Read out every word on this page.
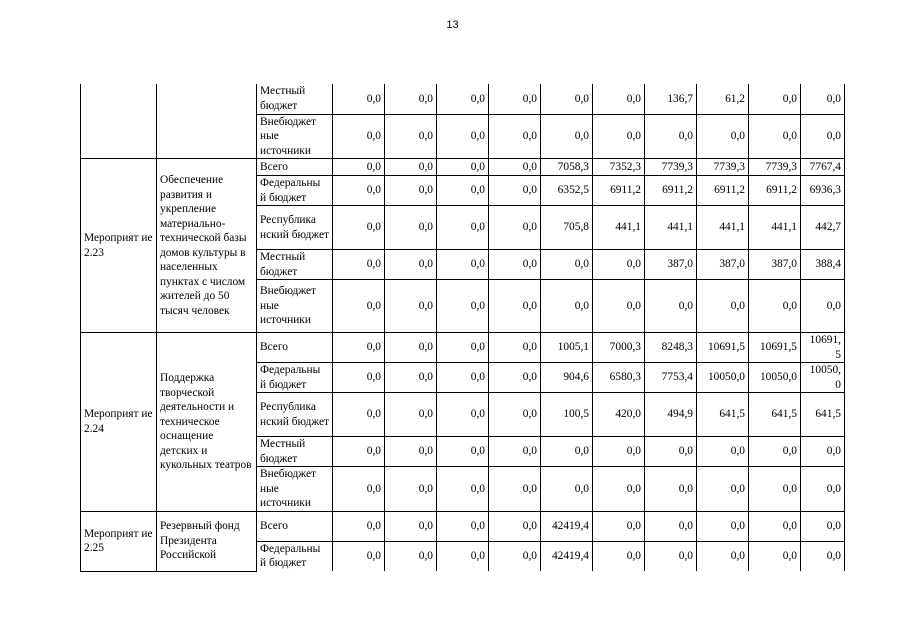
13
		Местный бюджет	0,0	0,0	0,0	0,0	0,0	0,0	136,7	61,2	0,0	0,0
		Внебюджет ные источники	0,0	0,0	0,0	0,0	0,0	0,0	0,0	0,0	0,0	0,0
Мероприят ие 2.23	Обеспечение развития и укрепление материально-технической базы домов культуры в населенных пунктах с числом жителей до 50 тысяч человек	Всего	0,0	0,0	0,0	0,0	7058,3	7352,3	7739,3	7739,3	7739,3	7767,4
		Федеральны й бюджет	0,0	0,0	0,0	0,0	6352,5	6911,2	6911,2	6911,2	6911,2	6936,3
		Республика нский бюджет	0,0	0,0	0,0	0,0	705,8	441,1	441,1	441,1	441,1	442,7
		Местный бюджет	0,0	0,0	0,0	0,0	0,0	0,0	387,0	387,0	387,0	388,4
		Внебюджет ные источники	0,0	0,0	0,0	0,0	0,0	0,0	0,0	0,0	0,0	0,0
Мероприят ие 2.24	Поддержка творческой деятельности и техническое оснащение детских и кукольных театров	Всего	0,0	0,0	0,0	0,0	1005,1	7000,3	8248,3	10691,5	10691,5	10691,5
		Федеральны й бюджет	0,0	0,0	0,0	0,0	904,6	6580,3	7753,4	10050,0	10050,0	10050,0
		Республика нский бюджет	0,0	0,0	0,0	0,0	100,5	420,0	494,9	641,5	641,5	641,5
		Местный бюджет	0,0	0,0	0,0	0,0	0,0	0,0	0,0	0,0	0,0	0,0
		Внебюджет ные источники	0,0	0,0	0,0	0,0	0,0	0,0	0,0	0,0	0,0	0,0
Мероприят ие 2.25	Резервный фонд Президента Российской	Всего	0,0	0,0	0,0	0,0	42419,4	0,0	0,0	0,0	0,0	0,0
		Федеральны й бюджет	0,0	0,0	0,0	0,0	42419,4	0,0	0,0	0,0	0,0	0,0
